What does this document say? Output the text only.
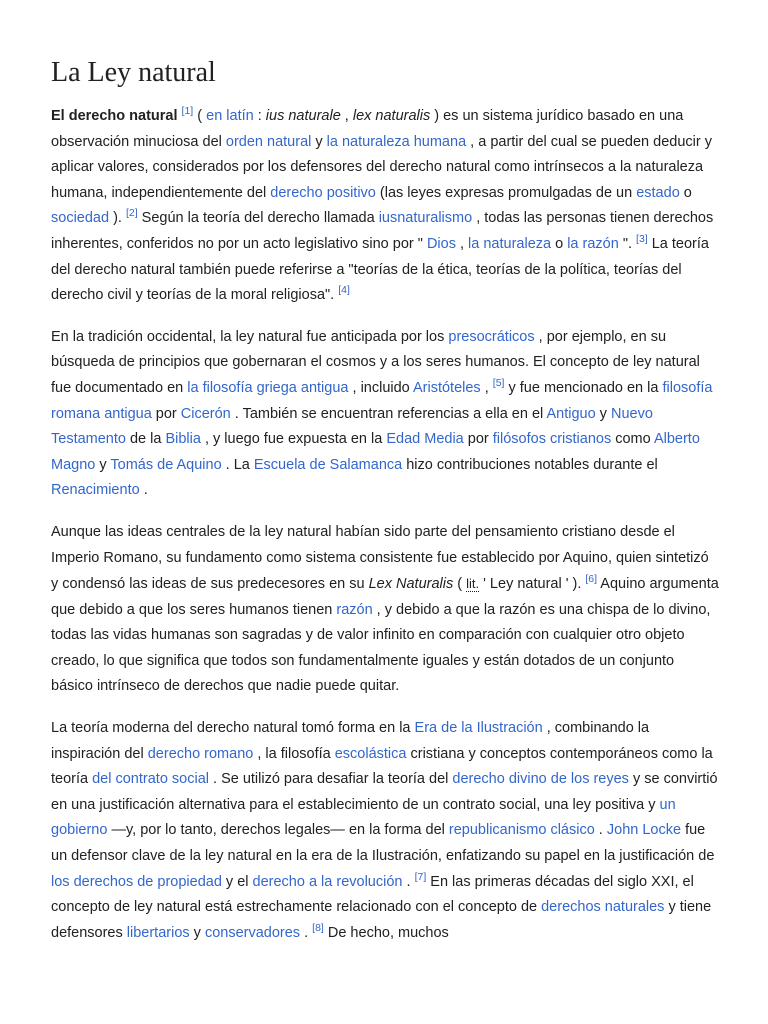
La Ley natural

El derecho natural [1] ( en latín : ius naturale , lex naturalis ) es un sistema jurídico basado en una observación minuciosa del orden natural y la naturaleza humana , a partir del cual se pueden deducir y aplicar valores, considerados por los defensores del derecho natural como intrínsecos a la naturaleza humana, independientemente del derecho positivo (las leyes expresas promulgadas de un estado o sociedad ). [2] Según la teoría del derecho llamada iusnaturalismo , todas las personas tienen derechos inherentes, conferidos no por un acto legislativo sino por " Dios , la naturaleza o la razón ". [3] La teoría del derecho natural también puede referirse a "teorías de la ética, teorías de la política, teorías del derecho civil y teorías de la moral religiosa". [4]

En la tradición occidental, la ley natural fue anticipada por los presocráticos , por ejemplo, en su búsqueda de principios que gobernaran el cosmos y a los seres humanos. El concepto de ley natural fue documentado en la filosofía griega antigua , incluido Aristóteles , [5] y fue mencionado en la filosofía romana antigua por Cicerón . También se encuentran referencias a ella en el Antiguo y Nuevo Testamento de la Biblia , y luego fue expuesta en la Edad Media por filósofos cristianos como Alberto Magno y Tomás de Aquino . La Escuela de Salamanca hizo contribuciones notables durante el Renacimiento .

Aunque las ideas centrales de la ley natural habían sido parte del pensamiento cristiano desde el Imperio Romano, su fundamento como sistema consistente fue establecido por Aquino, quien sintetizó y condensó las ideas de sus predecesores en su Lex Naturalis ( lit. ' Ley natural ' ). [6] Aquino argumenta que debido a que los seres humanos tienen razón , y debido a que la razón es una chispa de lo divino, todas las vidas humanas son sagradas y de valor infinito en comparación con cualquier otro objeto creado, lo que significa que todos son fundamentalmente iguales y están dotados de un conjunto básico intrínseco de derechos que nadie puede quitar.

La teoría moderna del derecho natural tomó forma en la Era de la Ilustración , combinando la inspiración del derecho romano , la filosofía escolástica cristiana y conceptos contemporáneos como la teoría del contrato social . Se utilizó para desafiar la teoría del derecho divino de los reyes y se convirtió en una justificación alternativa para el establecimiento de un contrato social, una ley positiva y un gobierno —y, por lo tanto, derechos legales— en la forma del republicanismo clásico . John Locke fue un defensor clave de la ley natural en la era de la Ilustración, enfatizando su papel en la justificación de los derechos de propiedad y el derecho a la revolución . [7] En las primeras décadas del siglo XXI, el concepto de ley natural está estrechamente relacionado con el concepto de derechos naturales y tiene defensores libertarios y conservadores . [8] De hecho, muchos
